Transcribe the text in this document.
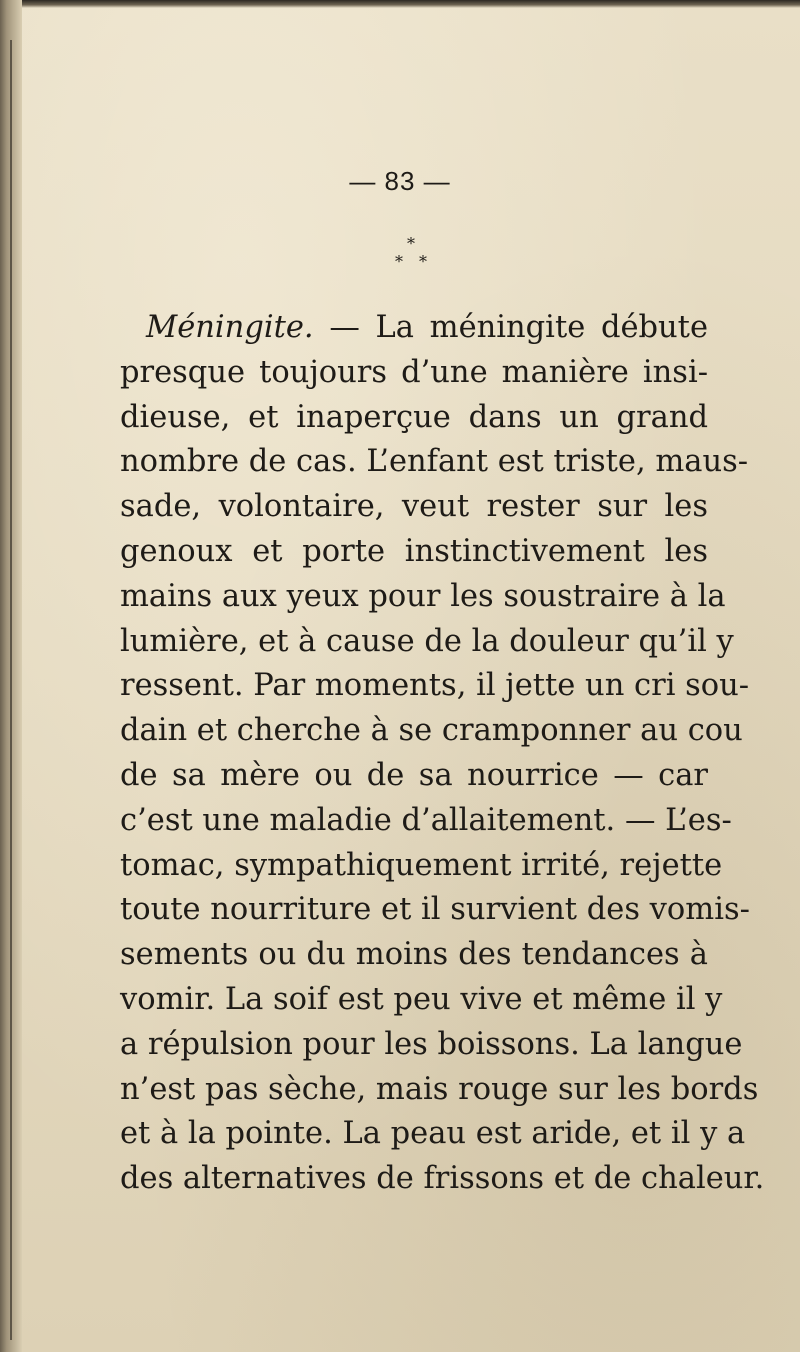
— 83 —
*
* *
Méningite. — La méningite débute
presque toujours d’une manière insi-
dieuse, et inaperçue dans un grand
nombre de cas. L’enfant est triste, maus-
sade, volontaire, veut rester sur les
genoux et porte instinctivement les
mains aux yeux pour les soustraire à la
lumière, et à cause de la douleur qu’il y
ressent. Par moments, il jette un cri sou-
dain et cherche à se cramponner au cou
de sa mère ou de sa nourrice — car
c’est une maladie d’allaitement. — L’es-
tomac, sympathiquement irrité, rejette
toute nourriture et il survient des vomis-
sements ou du moins des tendances à
vomir. La soif est peu vive et même il y
a répulsion pour les boissons. La langue
n’est pas sèche, mais rouge sur les bords
et à la pointe. La peau est aride, et il y a
des alternatives de frissons et de chaleur.
